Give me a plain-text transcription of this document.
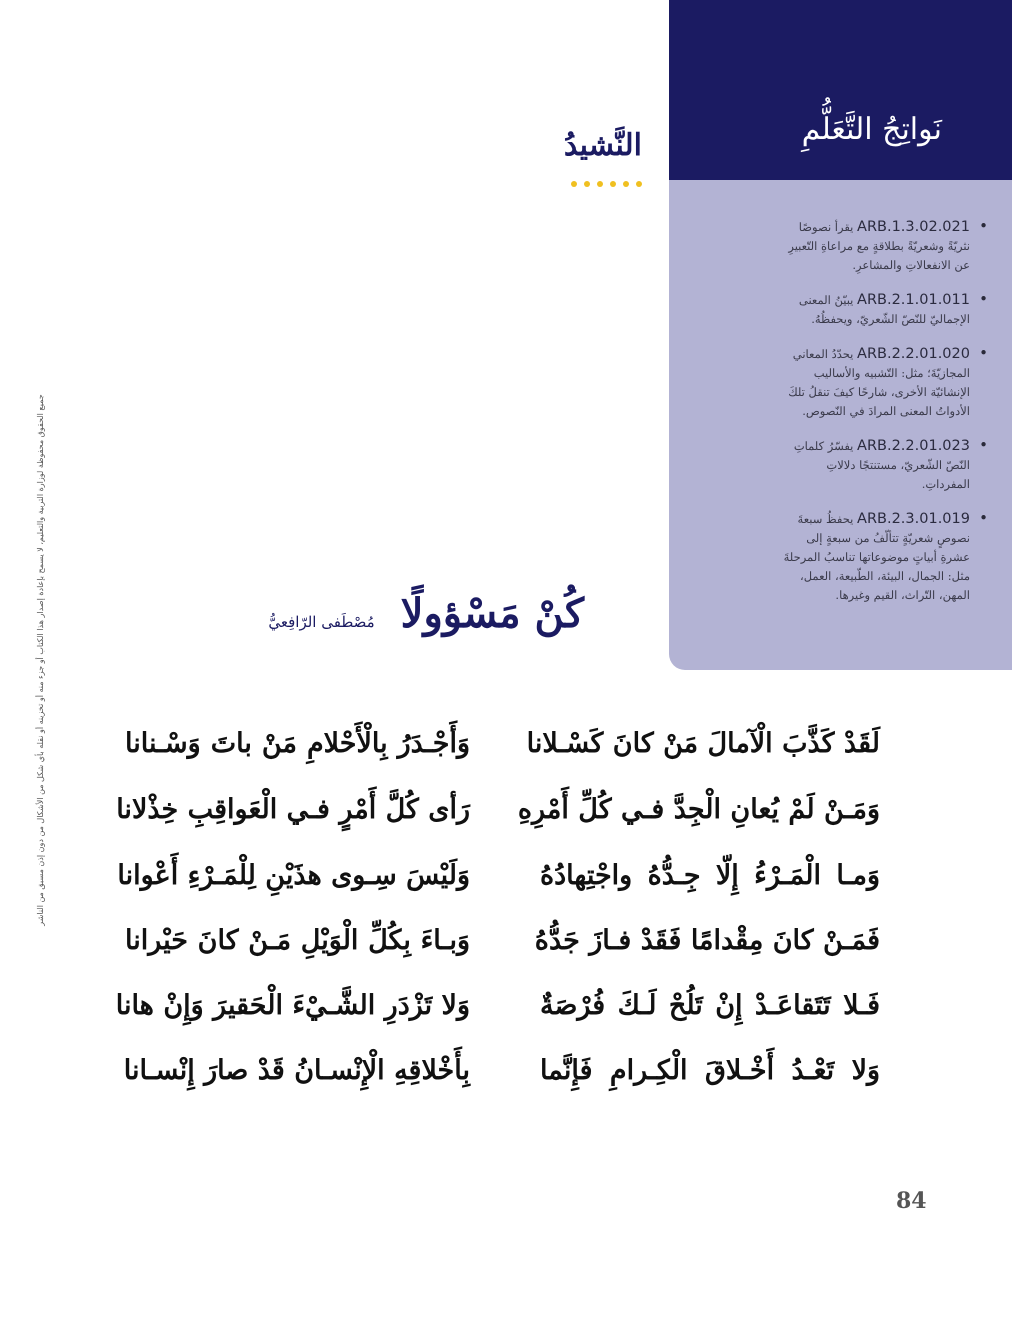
نَواتِجُ التَّعَلُّمِ
• ARB.1.3.02.021 يقرأ نصوصًا نثريّةً وشعريّةً بطلاقةٍ مع مراعاةِ التّعبيرِ عن الانفعالاتِ والمشاعرِ.
• ARB.2.1.01.011 يبيّنُ المعنى الإجماليّ للنّصّ الشّعريّ، ويحفظُهُ.
• ARB.2.2.01.020 يحدّدُ المعاني المجازيّةَ؛ مثل: التّشبيه والأساليب الإنشائيّة الأخرى، شارحًا كيفَ تنقلُ تلكَ الأدواتُ المعنى المرادَ في النّصوص.
• ARB.2.2.01.023 يفسّرُ كلماتِ النّصّ الشّعريّ، مستنتجًا دلالاتِ المفرداتِ.
• ARB.2.3.01.019 يحفظُ سبعةَ نصوصٍ شعريّةٍ تتألّفُ من سبعةٍ إلى عشرةِ أبياتٍ موضوعاتها تناسبُ المرحلةَ مثل: الجمال، البيئة، الطّبيعة، العمل، المهن، التّراث، القيم وغيرها.
النَّشيدُ
كُنْ مَسْؤولًا
مُصْطَفى الرّافِعيُّ
لَقَدْ كَذَّبَ الْآمالَ مَنْ كانَ كَسْـلانا
وَأَجْـدَرُ بِالْأَحْلامِ مَنْ باتَ وَسْـنانا
وَمَـنْ لَمْ يُعانِ الْجِدَّ فـي كُلِّ أَمْرِهِ
رَأى كُلَّ أَمْرٍ فـي الْعَواقِبِ خِذْلانا
وَمـا الْمَـرْءُ إِلّا جِـدُّهُ واجْتِهادُهُ
وَلَيْسَ سِـوى هذَيْنِ لِلْمَـرْءِ أَعْوانا
فَمَـنْ كانَ مِقْدامًا فَقَدْ فـازَ جَدُّهُ
وَبـاءَ بِكُلِّ الْوَيْلِ مَـنْ كانَ حَيْرانا
فَـلا تَتَقاعَـدْ إِنْ تَلُحْ لَـكَ فُرْصَةٌ
وَلا تَزْدَرِ الشَّـيْءَ الْحَقيرَ وَإِنْ هانا
وَلا تَعْـدُ أَخْـلاقَ الْكِـرامِ فَإِنَّما
بِأَخْلاقِهِ الْإِنْسـانُ قَدْ صارَ إِنْسـانا
جميع الحقوق محفوظة لوزارة التربية والتعليم، لا يسمح بإعادة إصدار هذا الكتاب أو جزء منه أو تخزينه أو نقله بأي شكل من الأشكال من دون إذن مسبق من الناشر
84
